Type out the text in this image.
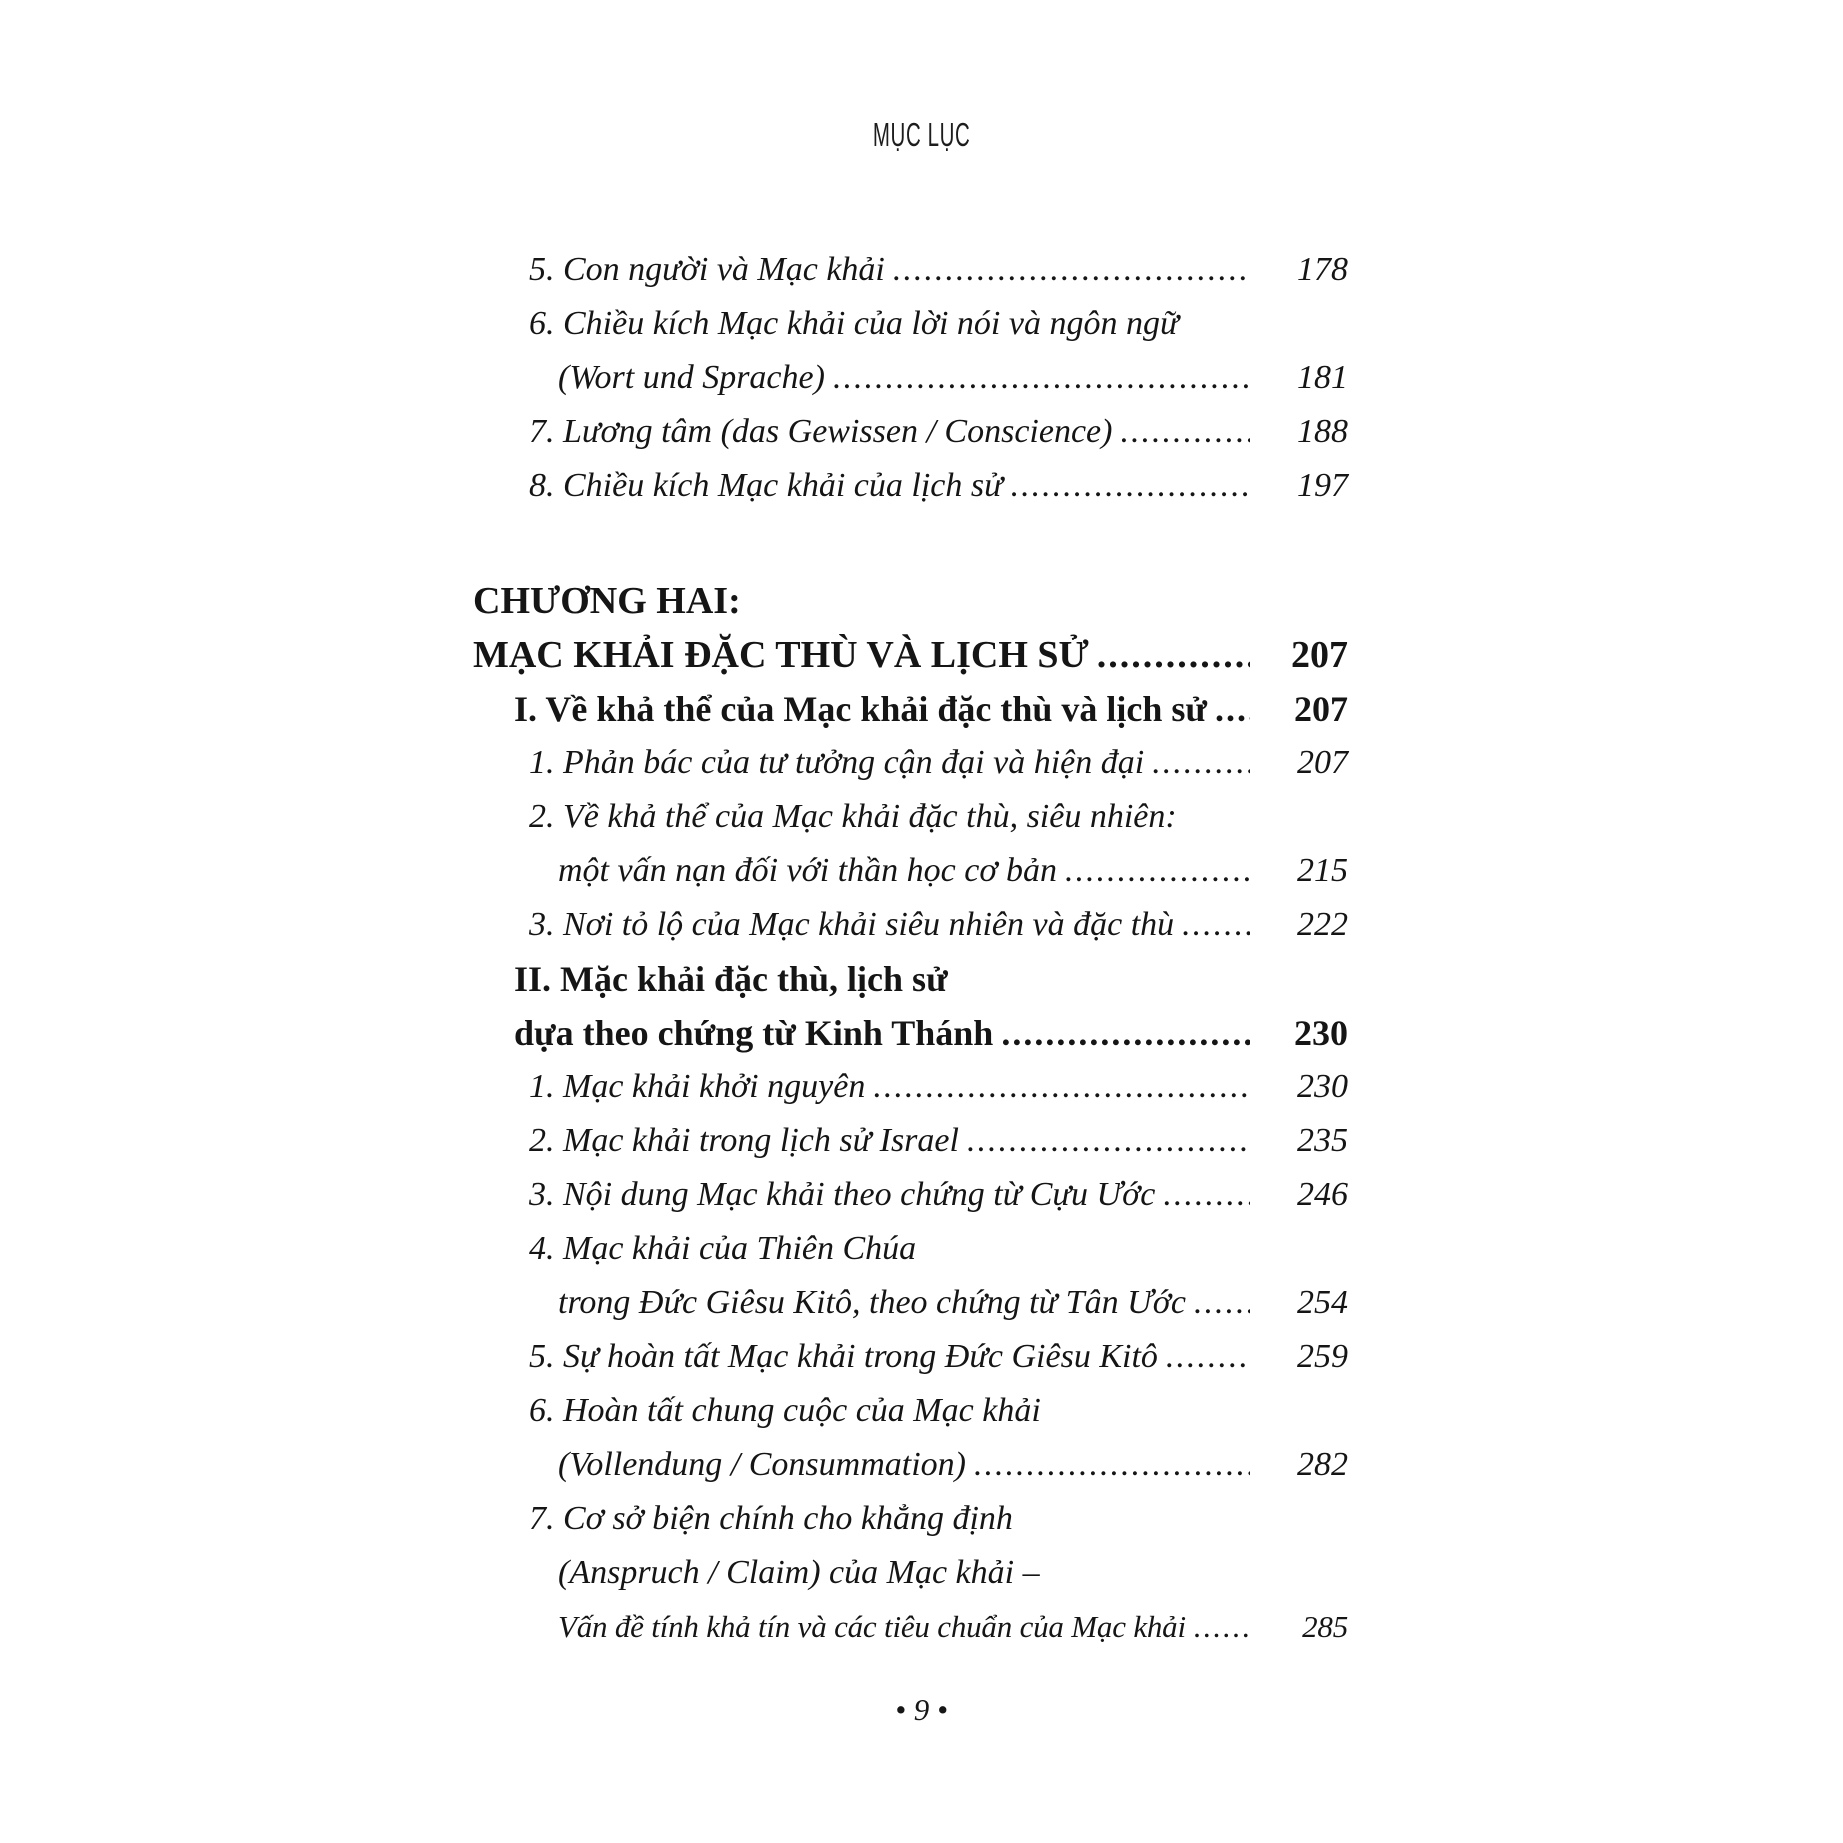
MỤC LỤC
5. Con người và Mạc khải .....	178
6. Chiều kích Mạc khải của lời nói và ngôn ngữ
(Wort und Sprache) .....	181
7. Lương tâm (das Gewissen / Conscience) .....	188
8. Chiều kích Mạc khải của lịch sử .....	197
CHƯƠNG HAI:
MẠC KHẢI ĐẶC THÙ VÀ LỊCH SỬ .....	207
I. Về khả thể của Mạc khải đặc thù và lịch sử .....	207
1. Phản bác của tư tưởng cận đại và hiện đại .....	207
2. Về khả thể của Mạc khải đặc thù, siêu nhiên:
một vấn nạn đối với thần học cơ bản .....	215
3. Nơi tỏ lộ của Mạc khải siêu nhiên và đặc thù .....	222
II. Mặc khải đặc thù, lịch sử
dựa theo chứng từ Kinh Thánh .....	230
1. Mạc khải khởi nguyên .....	230
2. Mạc khải trong lịch sử Israel .....	235
3. Nội dung Mạc khải theo chứng từ Cựu Ước .....	246
4. Mạc khải của Thiên Chúa
trong Đức Giêsu Kitô, theo chứng từ Tân Ước .....	254
5. Sự hoàn tất Mạc khải trong Đức Giêsu Kitô .....	259
6. Hoàn tất chung cuộc của Mạc khải
(Vollendung / Consummation) .....	282
7. Cơ sở biện chính cho khẳng định
(Anspruch / Claim) của Mạc khải –
Vấn đề tính khả tín và các tiêu chuẩn của Mạc khải .....	285
• 9 •
